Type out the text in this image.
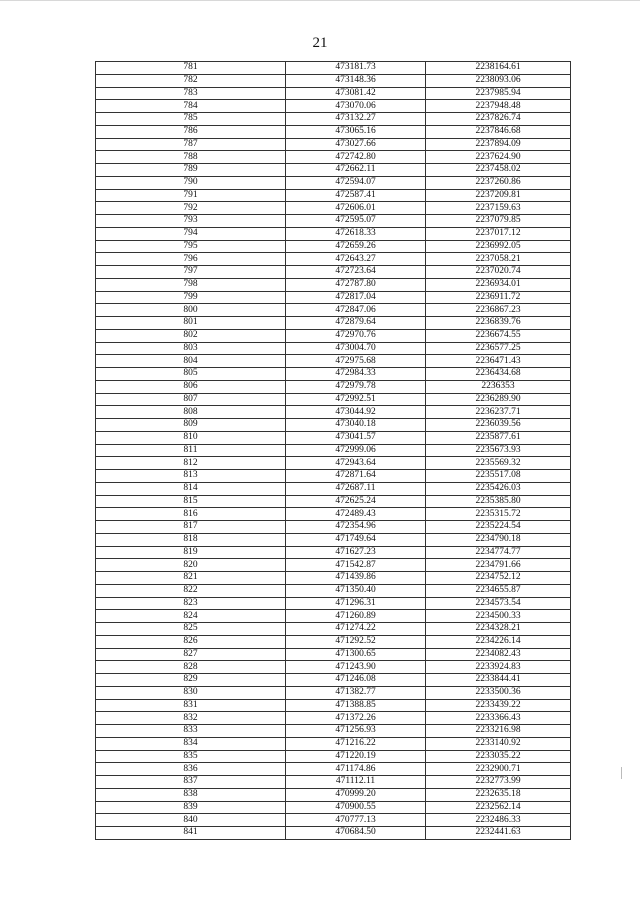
21
781	473181.73	2238164.61
782	473148.36	2238093.06
783	473081.42	2237985.94
784	473070.06	2237948.48
785	473132.27	2237826.74
786	473065.16	2237846.68
787	473027.66	2237894.09
788	472742.80	2237624.90
789	472662.11	2237458.02
790	472594.07	2237260.86
791	472587.41	2237209.81
792	472606.01	2237159.63
793	472595.07	2237079.85
794	472618.33	2237017.12
795	472659.26	2236992.05
796	472643.27	2237058.21
797	472723.64	2237020.74
798	472787.80	2236934.01
799	472817.04	2236911.72
800	472847.06	2236867.23
801	472879.64	2236839.76
802	472970.76	2236674.55
803	473004.70	2236577.25
804	472975.68	2236471.43
805	472984.33	2236434.68
806	472979.78	2236353
807	472992.51	2236289.90
808	473044.92	2236237.71
809	473040.18	2236039.56
810	473041.57	2235877.61
811	472999.06	2235673.93
812	472943.64	2235569.32
813	472871.64	2235517.08
814	472687.11	2235426.03
815	472625.24	2235385.80
816	472489.43	2235315.72
817	472354.96	2235224.54
818	471749.64	2234790.18
819	471627.23	2234774.77
820	471542.87	2234791.66
821	471439.86	2234752.12
822	471350.40	2234655.87
823	471296.31	2234573.54
824	471260.89	2234500.33
825	471274.22	2234328.21
826	471292.52	2234226.14
827	471300.65	2234082.43
828	471243.90	2233924.83
829	471246.08	2233844.41
830	471382.77	2233500.36
831	471388.85	2233439.22
832	471372.26	2233366.43
833	471256.93	2233216.98
834	471216.22	2233140.92
835	471220.19	2233035.22
836	471174.86	2232900.71
837	471112.11	2232773.99
838	470999.20	2232635.18
839	470900.55	2232562.14
840	470777.13	2232486.33
841	470684.50	2232441.63
